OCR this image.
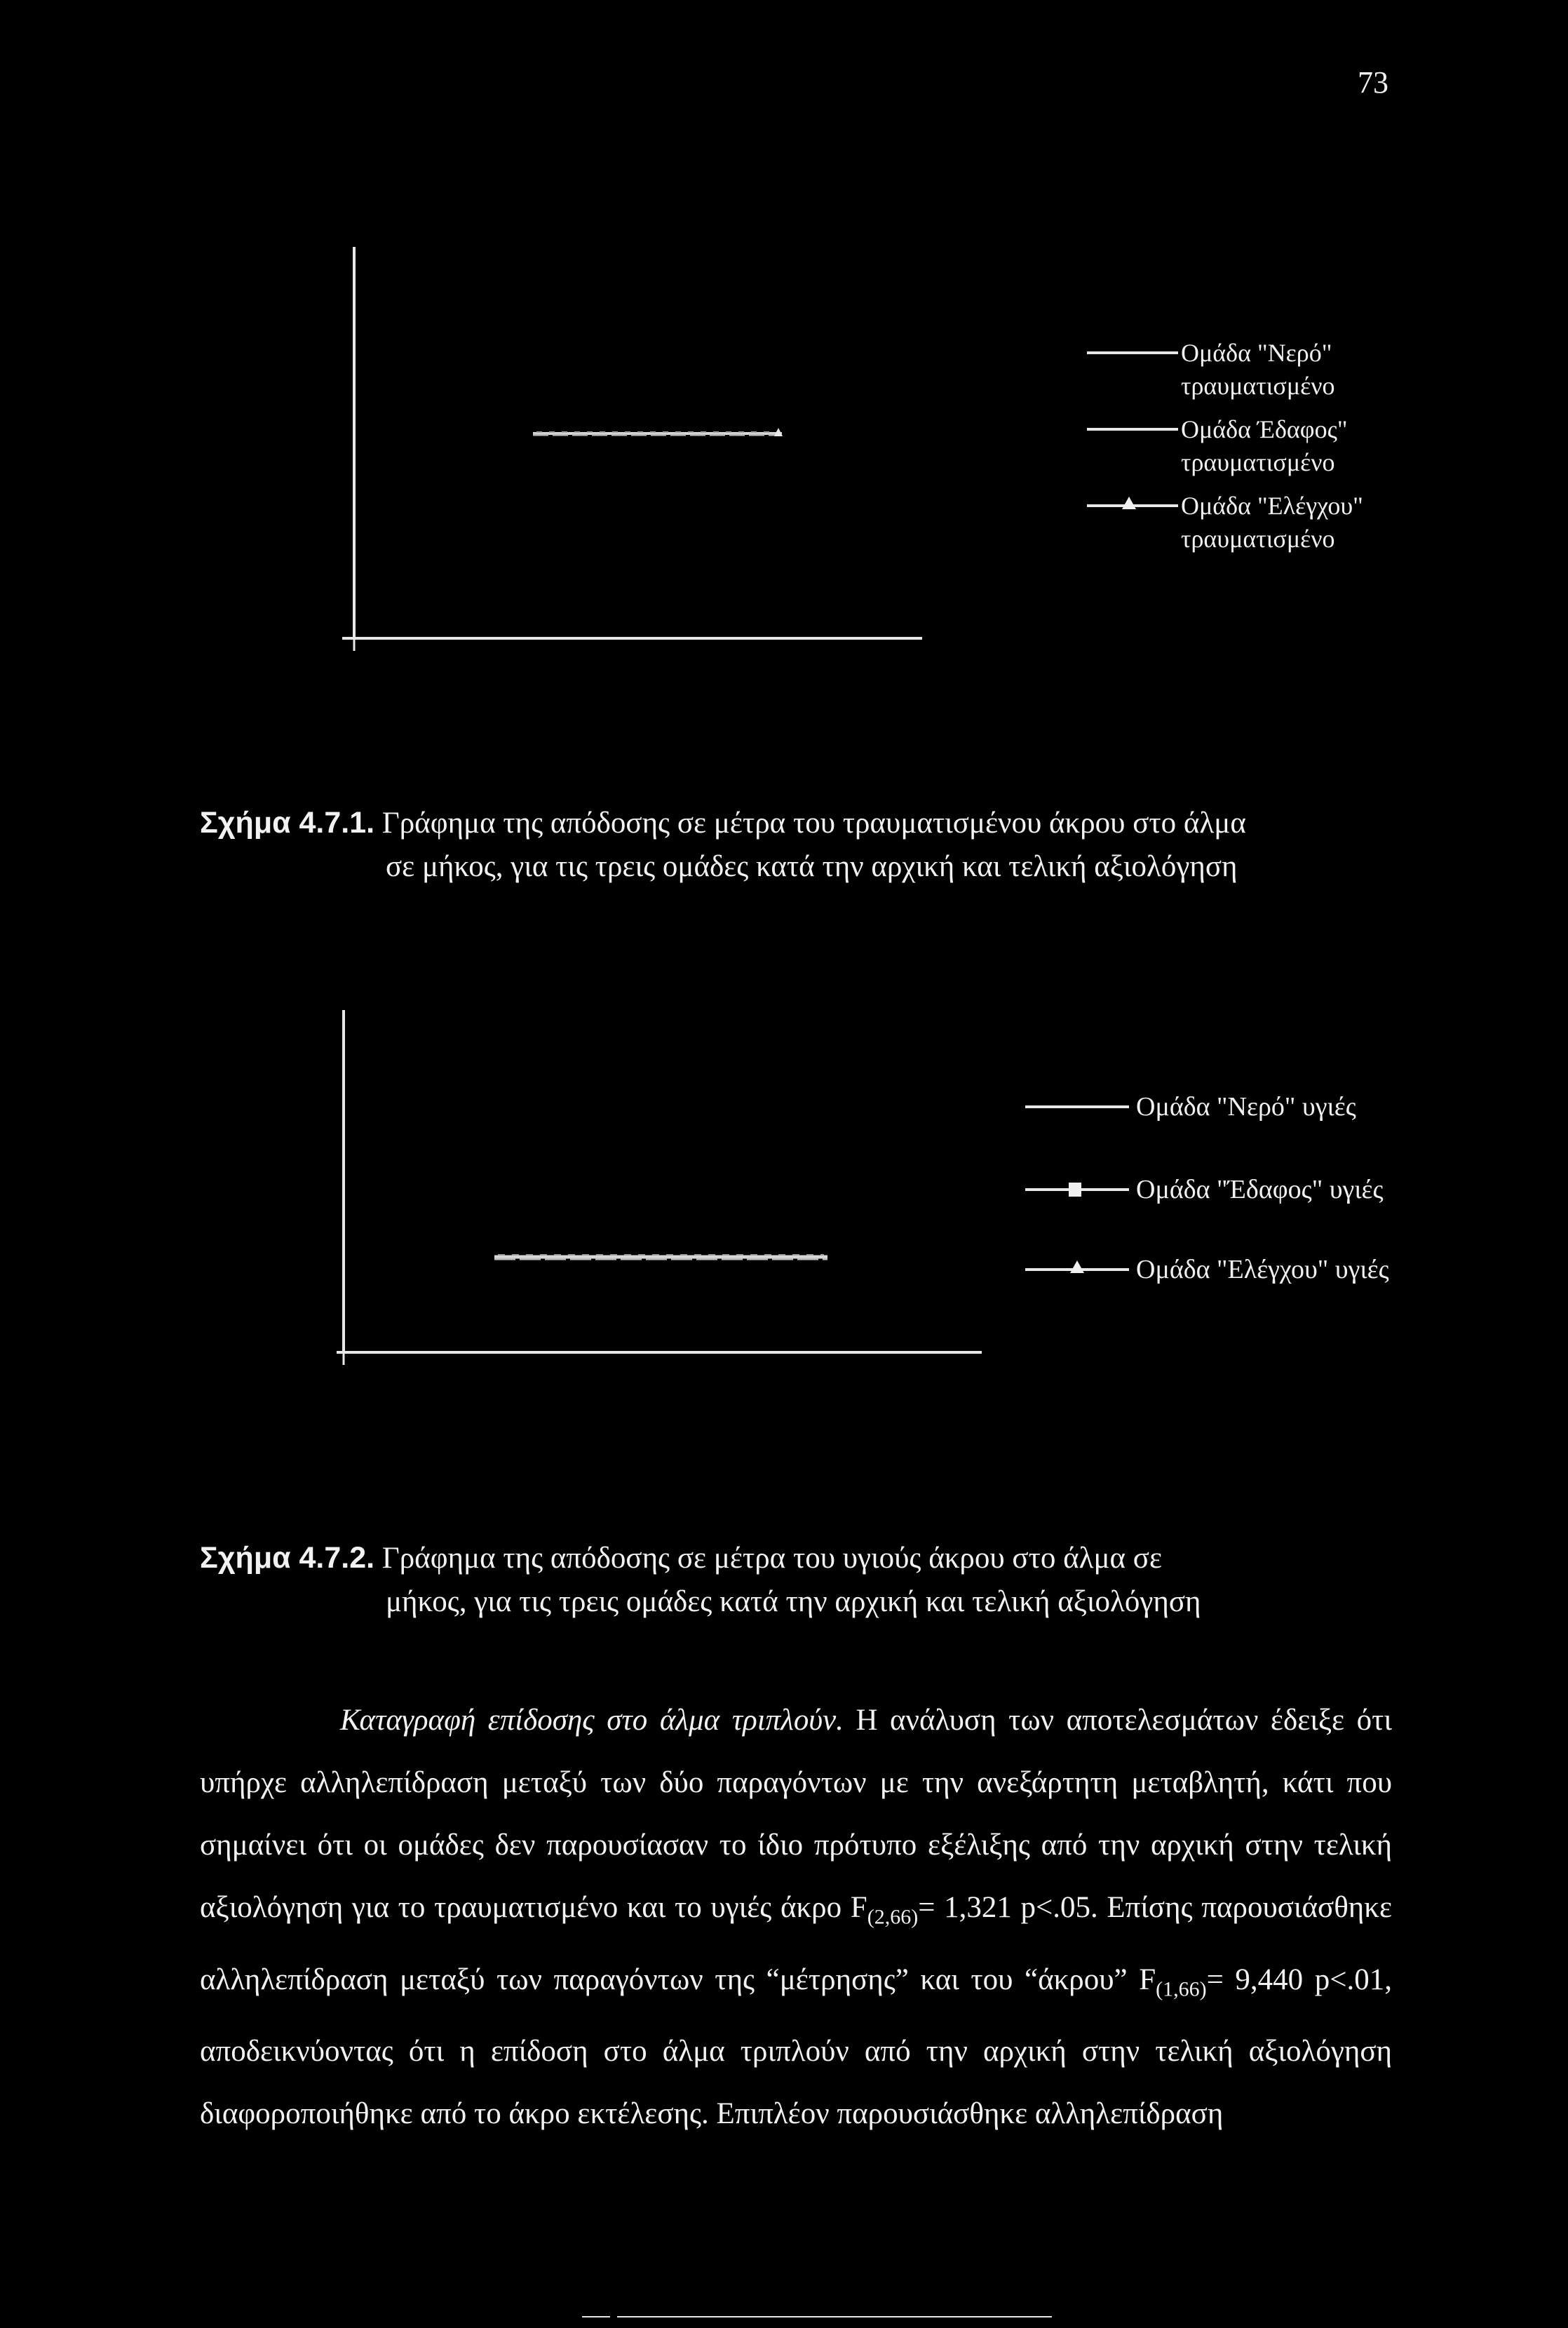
73
Ομάδα "Νερό"
τραυματισμένο
Ομάδα Έδαφος"
τραυματισμένο
Ομάδα "Ελέγχου"
τραυματισμένο
Σχήμα 4.7.1. Γράφημα της απόδοσης σε μέτρα του τραυματισμένου άκρου στο άλμα
σε μήκος, για τις τρεις ομάδες κατά την αρχική και τελική αξιολόγηση
Ομάδα "Νερό" υγιές
Ομάδα "Έδαφος" υγιές
Ομάδα "Ελέγχου" υγιές
Σχήμα 4.7.2. Γράφημα της απόδοσης σε μέτρα του υγιούς άκρου στο άλμα σε
μήκος, για τις τρεις ομάδες κατά την αρχική και τελική αξιολόγηση

Καταγραφή επίδοσης στο άλμα τριπλούν. Η ανάλυση των αποτελεσμάτων έδειξε ότι υπήρχε αλληλεπίδραση μεταξύ των δύο παραγόντων με την ανεξάρτητη μεταβλητή, κάτι που σημαίνει ότι οι ομάδες δεν παρουσίασαν το ίδιο πρότυπο εξέλιξης από την αρχική στην τελική αξιολόγηση για το τραυματισμένο και το υγιές άκρο $F_{(2,66)}= 1,321$ p<.05. Επίσης παρουσιάσθηκε αλληλεπίδραση μεταξύ των παραγόντων της “μέτρησης” και του “άκρου” $F_{(1,66)}= 9,440$ p<.01, αποδεικνύοντας ότι η επίδοση στο άλμα τριπλούν από την αρχική στην τελική αξιολόγηση διαφοροποιήθηκε από το άκρο εκτέλεσης. Επιπλέον παρουσιάσθηκε αλληλεπίδραση
